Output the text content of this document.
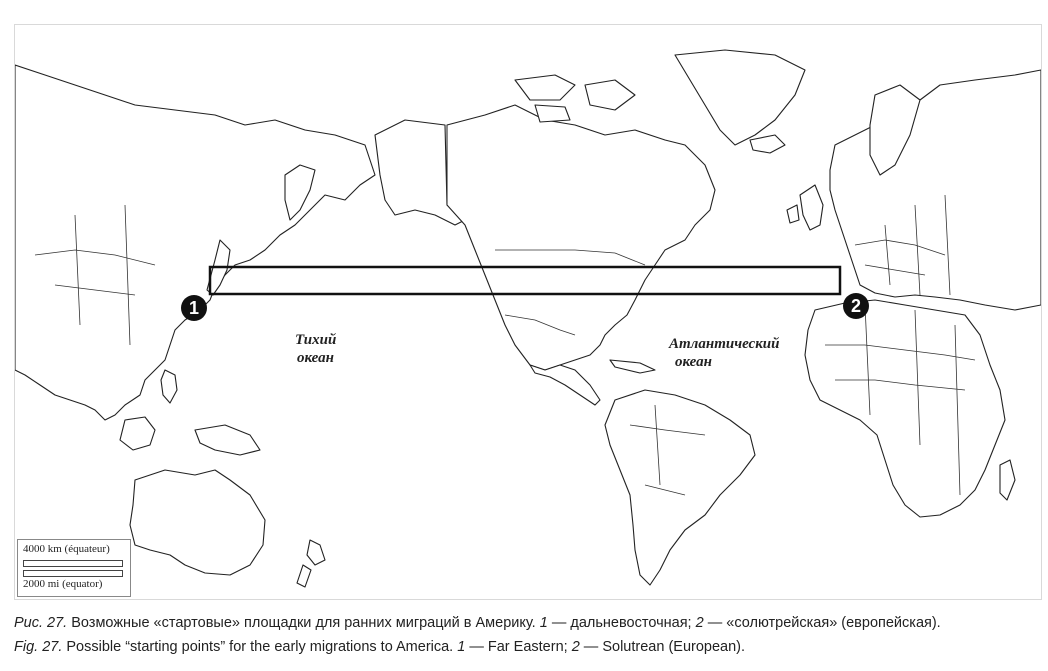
Тихий
океан
Атлантический
океан
1	2
4000 km (équateur)
2000 mi (equator)
Рис. 27. Возможные «стартовые» площадки для ранних миграций в Америку. 1 — дальневосточная; 2 — «солютрейская» (европейская).
Fig. 27. Possible “starting points” for the early migrations to America. 1 — Far Eastern; 2 — Solutrean (European).
